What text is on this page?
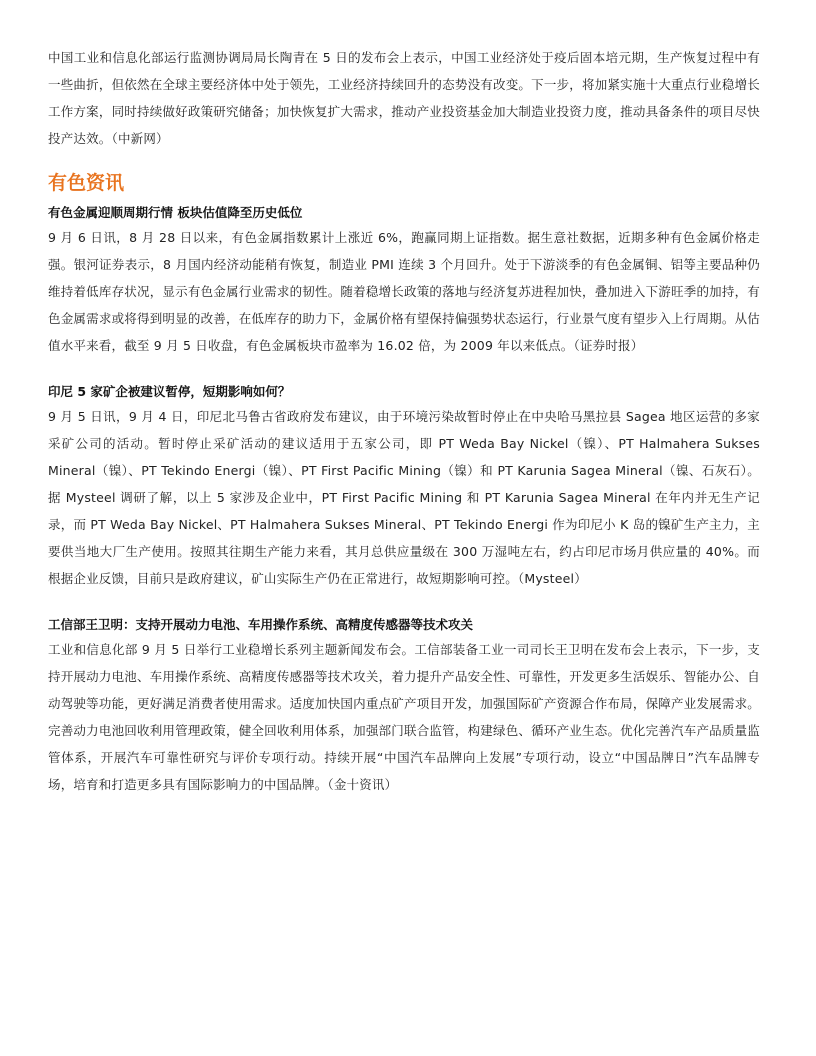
中国工业和信息化部运行监测协调局局长陶青在 5 日的发布会上表示，中国工业经济处于疫后固本培元期，生产恢复过程中有一些曲折，但依然在全球主要经济体中处于领先，工业经济持续回升的态势没有改变。下一步，将加紧实施十大重点行业稳增长工作方案，同时持续做好政策研究储备；加快恢复扩大需求，推动产业投资基金加大制造业投资力度，推动具备条件的项目尽快投产达效。（中新网）

有色资讯
有色金属迎顺周期行情 板块估值降至历史低位

9 月 6 日讯，8 月 28 日以来，有色金属指数累计上涨近 6%，跑赢同期上证指数。据生意社数据，近期多种有色金属价格走强。银河证券表示，8 月国内经济动能稍有恢复，制造业 PMI 连续 3 个月回升。处于下游淡季的有色金属铜、铝等主要品种仍维持着低库存状况，显示有色金属行业需求的韧性。随着稳增长政策的落地与经济复苏进程加快，叠加进入下游旺季的加持，有色金属需求或将得到明显的改善，在低库存的助力下，金属价格有望保持偏强势状态运行，行业景气度有望步入上行周期。从估值水平来看，截至 9 月 5 日收盘，有色金属板块市盈率为 16.02 倍，为 2009 年以来低点。（证券时报）

印尼 5 家矿企被建议暂停，短期影响如何？

9 月 5 日讯，9 月 4 日，印尼北马鲁古省政府发布建议，由于环境污染故暂时停止在中央哈马黑拉县 Sagea 地区运营的多家采矿公司的活动。暂时停止采矿活动的建议适用于五家公司，即 PT Weda Bay Nickel（镍）、PT Halmahera Sukses Mineral（镍）、PT Tekindo Energi（镍）、PT First Pacific Mining（镍）和 PT Karunia Sagea Mineral（镍、石灰石）。据 Mysteel 调研了解，以上 5 家涉及企业中，PT First Pacific Mining 和 PT Karunia Sagea Mineral 在年内并无生产记录，而 PT Weda Bay Nickel、PT Halmahera Sukses Mineral、PT Tekindo Energi 作为印尼小 K 岛的镍矿生产主力，主要供当地大厂生产使用。按照其往期生产能力来看，其月总供应量级在 300 万湿吨左右，约占印尼市场月供应量的 40%。而根据企业反馈，目前只是政府建议，矿山实际生产仍在正常进行，故短期影响可控。（Mysteel）

工信部王卫明：支持开展动力电池、车用操作系统、高精度传感器等技术攻关

工业和信息化部 9 月 5 日举行工业稳增长系列主题新闻发布会。工信部装备工业一司司长王卫明在发布会上表示，下一步，支持开展动力电池、车用操作系统、高精度传感器等技术攻关，着力提升产品安全性、可靠性，开发更多生活娱乐、智能办公、自动驾驶等功能，更好满足消费者使用需求。适度加快国内重点矿产项目开发，加强国际矿产资源合作布局，保障产业发展需求。完善动力电池回收利用管理政策，健全回收利用体系，加强部门联合监管，构建绿色、循环产业生态。优化完善汽车产品质量监管体系，开展汽车可靠性研究与评价专项行动。持续开展“中国汽车品牌向上发展”专项行动，设立“中国品牌日”汽车品牌专场，培育和打造更多具有国际影响力的中国品牌。（金十资讯）
